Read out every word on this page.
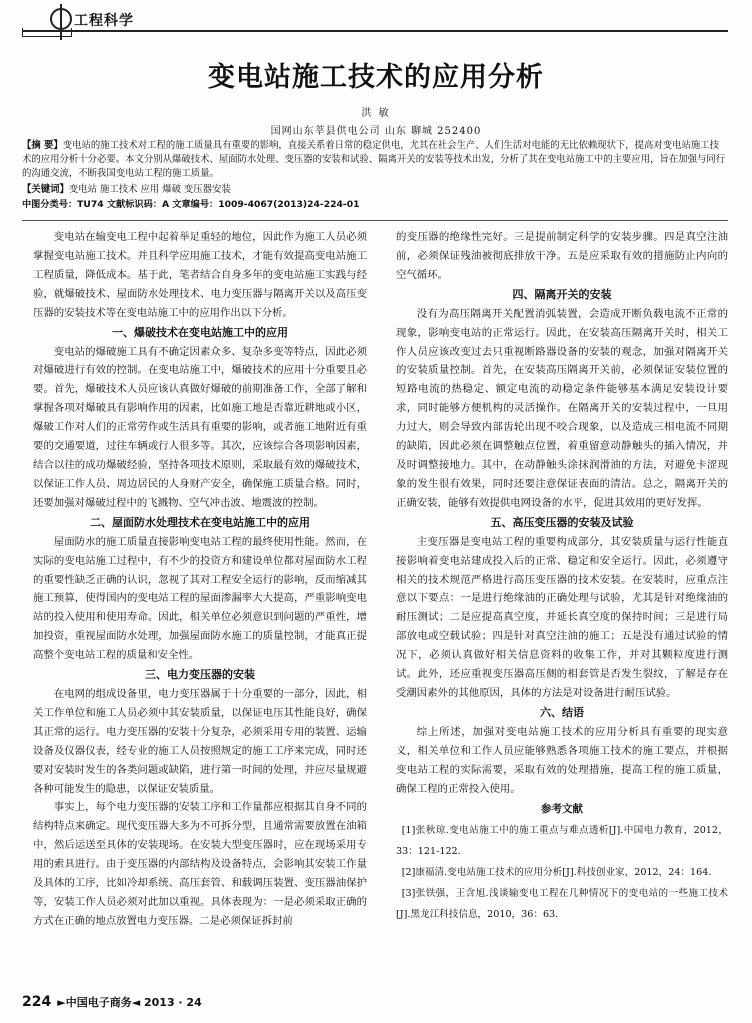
工程科学
变电站施工技术的应用分析
洪 敏
国网山东莘县供电公司 山东 聊城 252400
【摘 要】变电站的施工技术对工程的施工质量具有重要的影响，直接关系着日常的稳定供电，尤其在社会生产、人们生活对电能的无比依赖现状下，提高对变电站施工技术的应用分析十分必要。本文分别从爆破技术、屋面防水处理、变压器的安装和试验、隔离开关的安装等技术出发，分析了其在变电站施工中的主要应用，旨在加强与同行的沟通交流，不断我国变电站工程的施工质量。
【关键词】变电站 施工技术 应用 爆破 变压器安装
中图分类号：TU74 文献标识码：A 文章编号：1009-4067(2013)24-224-01

变电站在输变电工程中起着举足重轻的地位，因此作为施工人员必须掌握变电站施工技术。并且科学应用施工技术，才能有效提高变电站施工工程质量，降低成本。基于此，笔者结合自身多年的变电站施工实践与经验，就爆破技术、屋面防水处理技术、电力变压器与隔离开关以及高压变压器的安装技术等在变电站施工中的应用作出以下分析。

一、爆破技术在变电站施工中的应用

变电站的爆破施工具有不确定因素众多、复杂多变等特点，因此必须对爆破进行有效的控制。在变电站施工中，爆破技术的应用十分重要且必要。首先，爆破技术人员应该认真做好爆破的前期准备工作，全部了解和掌握各项对爆破具有影响作用的因素，比如施工地是否靠近耕地或小区，爆破工作对人们的正常劳作或生活具有重要的影响，或者施工地附近有重要的交通要道，过往车辆或行人很多等。其次，应该综合各项影响因素，结合以往的成功爆破经验，坚持各项技术原则，采取最有效的爆破技术，以保证工作人员、周边居民的人身财产安全，确保施工质量合格。同时，还要加强对爆破过程中的飞溅物、空气冲击波、地震波的控制。

二、屋面防水处理技术在变电站施工中的应用

屋面防水的施工质量直接影响变电站工程的最终使用性能。然而，在实际的变电站施工过程中，有不少的投资方和建设单位都对屋面防水工程的重要性缺乏正确的认识，忽视了其对工程安全运行的影响，反而缩减其施工预算，使得国内的变电站工程的屋面渗漏率大大提高，严重影响变电站的投入使用和使用寿命。因此，相关单位必须意识到问题的严重性，增加投资，重视屋面防水处理，加强屋面防水施工的质量控制，才能真正提高整个变电站工程的质量和安全性。

三、电力变压器的安装

在电网的组成设备里，电力变压器属于十分重要的一部分，因此，相关工作单位和施工人员必须中其安装质量，以保证电压其性能良好，确保其正常的运行。电力变压器的安装十分复杂，必须采用专用的装置、运输设备及仪器仪表，经专业的施工人员按照规定的施工工序来完成，同时还要对安装时发生的各类问题或缺陷，进行第一时间的处理，并应尽量规避各种可能发生的隐患，以保证安装质量。

事实上，每个电力变压器的安装工序和工作量都应根据其自身不同的结构特点来确定。现代变压器大多为不可拆分型，且通常需要放置在油箱中，然后运送至具体的安装现场。在安装大型变压器时，应在现场采用专用的索具进行。由于变压器的内部结构及设备特点，会影响其安装工作量及具体的工序，比如冷却系统、高压套管、和载调压装置、变压器油保护等，安装工作人员必须对此加以重视。具体表现为：一是必须采取正确的方式在正确的地点放置电力变压器。二是必须保证拆封前

的变压器的绝缘性完好。三是提前制定科学的安装步骤。四是真空注油前，必须保证残油被彻底排放干净。五是应采取有效的措施防止内向的空气循环。

四、隔离开关的安装

没有为高压隔离开关配置消弧装置，会造成开断负载电流不正常的现象，影响变电站的正常运行。因此，在安装高压隔离开关时，相关工作人员应该改变过去只重视断路器设备的安装的观念，加强对隔离开关的安装质量控制。首先，在安装高压隔离开关前，必须保证安装位置的短路电流的热稳定、额定电流的动稳定条件能够基本满足安装设计要求，同时能够方便机构的灵活操作。在隔离开关的安装过程中，一旦用力过大，则会导致内部齿轮出现不咬合现象，以及造成三相电流不同期的缺陷，因此必须在调整触点位置，着重留意动静触头的插入情况，并及时调整接地力。其中，在动静触头涂抹润滑油的方法，对避免卡涩现象的发生很有效果，同时还要注意保证表面的清洁。总之，隔离开关的正确安装，能够有效提供电网设备的水平，促进其效用的更好发挥。

五、高压变压器的安装及试验

主变压器是变电站工程的重要构成部分，其安装质量与运行性能直接影响着变电站建成投入后的正常、稳定和安全运行。因此，必须遵守相关的技术规范严格进行高压变压器的技术安装。在安装时，应重点注意以下要点：一是进行绝缘油的正确处理与试验，尤其是针对绝缘油的耐压测试；二是应提高真空度，并延长真空度的保持时间；三是进行局部放电或空载试验；四是针对真空注油的施工；五是没有通过试验的情况下，必须认真做好相关信息资料的收集工作，并对其颗粒度进行测试。此外，还应重视变压器高压侧的相套管是否发生裂纹，了解是存在受潮因素外的其他原因，具体的方法是对设备进行耐压试验。

六、结语

综上所述，加强对变电站施工技术的应用分析具有重要的现实意义，相关单位和工作人员应能够熟悉各项施工技术的施工要点，并根据变电站工程的实际需要，采取有效的处理措施，提高工程的施工质量，确保工程的正常投入使用。

参考文献
[1]张秋琼.变电站施工中的施工重点与难点透析[J].中国电力教育，2012，33：121-122.
[2]康福清.变电站施工技术的应用分析[J].科技创业家，2012，24：164.
[3]张铁强，王含旭.浅谈输变电工程在几种情况下的变电站的一些施工技术[J].黑龙江科技信息，2010，36：63.
224 ►中国电子商务◄ 2013 · 24
